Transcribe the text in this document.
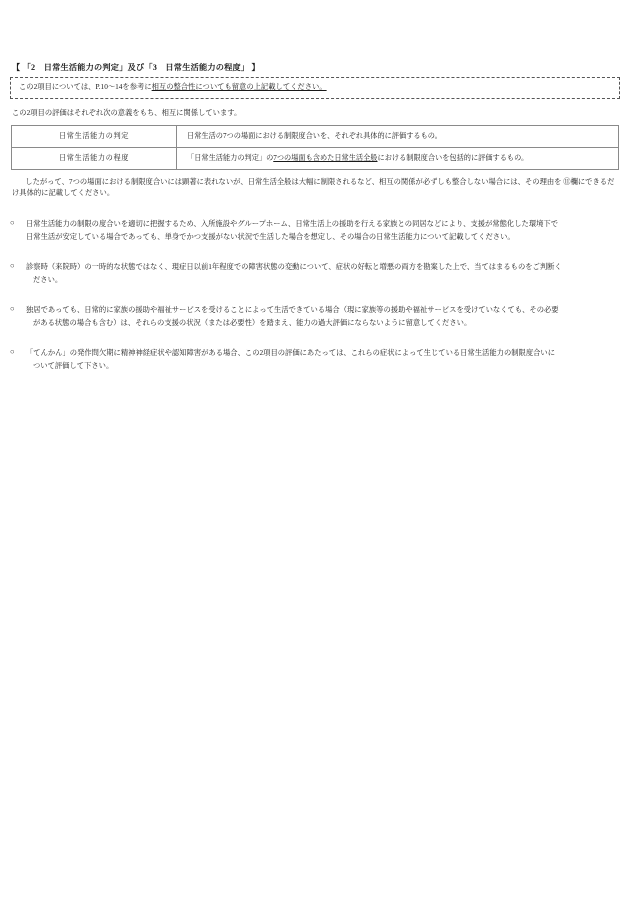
【 「2　日常生活能力の判定」及び「3　日常生活能力の程度」 】
この2項目については、P.10〜14を参考に相互の整合性についても留意の上記載してください。
この2項目の評価はそれぞれ次の意義をもち、相互に関係しています。
日常生活能力の判定	日常生活の7つの場面における制限度合いを、それぞれ具体的に評価するもの。
日常生活能力の程度	「日常生活能力の判定」の7つの場面も含めた日常生活全般における制限度合いを包括的に評価するもの。
　したがって、7つの場面における制限度合いには顕著に表れないが、日常生活全般は大幅に制限されるなど、相互の関係が必ずしも整合しない場合には、その理由を ⑪欄にできるだけ具体的に記載してください。
○	日常生活能力の制限の度合いを適切に把握するため、入所施設やグループホーム、日常生活上の援助を行える家族との同居などにより、支援が常態化した環境下で
日常生活が安定している場合であっても、単身でかつ支援がない状況で生活した場合を想定し、その場合の日常生活能力について記載してください。
○	診察時（来院時）の一時的な状態ではなく、現症日以前1年程度での障害状態の変動について、症状の好転と増悪の両方を勘案した上で、当てはまるものをご判断く
ださい。
○	独居であっても、日常的に家族の援助や福祉サービスを受けることによって生活できている場合（現に家族等の援助や福祉サービスを受けていなくても、その必要
がある状態の場合も含む）は、それらの支援の状況（または必要性）を踏まえ、能力の過大評価にならないように留意してください。
○	「てんかん」の発作問欠期に精神神経症状や認知障害がある場合、この2項目の評価にあたっては、これらの症状によって生じている日常生活能力の制限度合いに
ついて評価して下さい。
